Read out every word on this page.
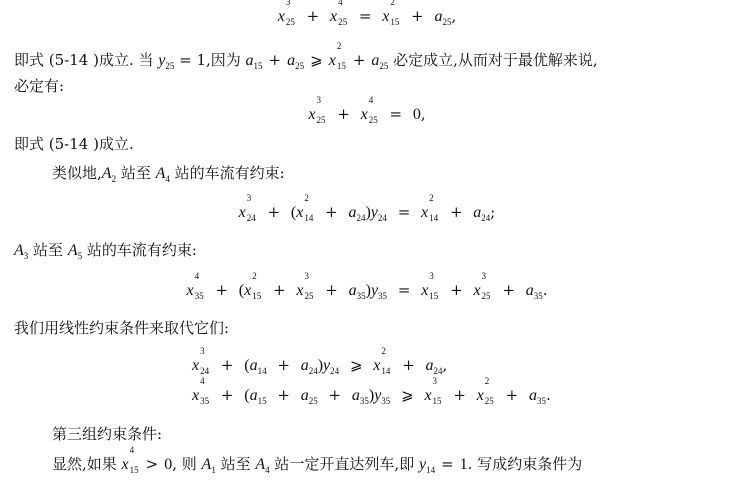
x
3
$_{25}$ + x
4
$_{25}$ = x
2
$_{15} + a_{25}$,
即式 (5-14 )成立. 当 $y_{25} = 1$,因为 $a_{15} + a_{25}$ ⩾ x
2
$_{15} + a_{25}$ 必定成立,从而对于最优解来说,
必定有:
x
3
$_{25}$ + x
4
$_{25}$ = 0,
即式 (5-14 )成立.
类似地$,A_2$ 站至 $A_4$ 站的车流有约束:
x
3
$_{24}$ + (x
2
$_{14} + a_{24})y_{24} = x$
2
$_{14} + a_{24}$;
$A_3$ 站至 $A_5$ 站的车流有约束:
x
4
$_{35}$ + (x
2
$_{15}$ + x
3
$_{25} + a_{35})y_{35} = x$
3
$_{15}$ + x
3
$_{25} + a_{35}$.
我们用线性约束条件来取代它们:
x
3
$_{24} + (a_{14} + a_{24})y_{24}$ ⩾ x
2
$_{14} + a_{24}$,
x
4
$_{35} + (a_{15} + a_{25} + a_{35})y_{35}$ ⩾ x
3
$_{15}$ + x
2
$_{25} + a_{35}$.
第三组约束条件:
显然,如果 x
4
$_{15}$ > 0, 则 $A_1$ 站至 $A_4$ 站一定开直达列车,即 $y_{14} = 1$. 写成约束条件为
